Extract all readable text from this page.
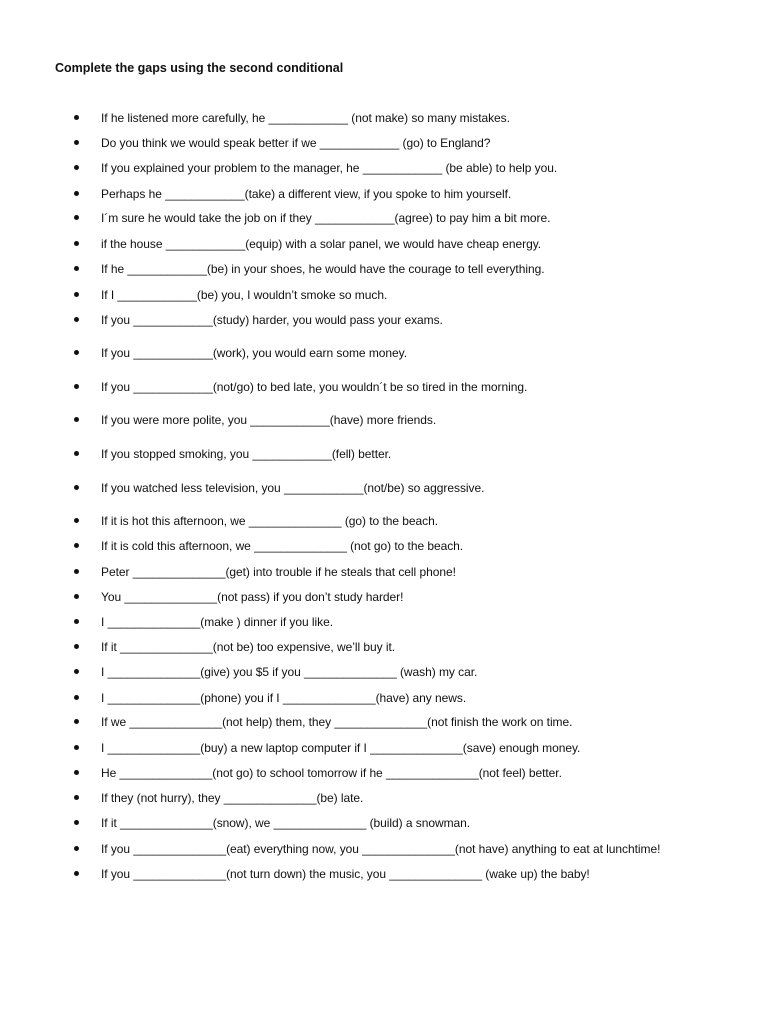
Complete the gaps using the second conditional
If he listened more carefully, he ____________ (not make) so many mistakes.
Do you think we would speak better if we ____________ (go) to England?
If you explained your problem to the manager, he ____________ (be able) to help you.
Perhaps he ____________(take) a different view, if you spoke to him yourself.
I´m sure he would take the job on if they ____________(agree) to pay him a bit more.
if the house ____________(equip) with a solar panel, we would have cheap energy.
If he ____________(be) in your shoes, he would have the courage to tell everything.
If I ____________(be) you, I wouldn’t smoke so much.
If you ____________(study) harder, you would pass your exams.
If you ____________(work), you would earn some money.
If you ____________(not/go) to bed late, you wouldn´t be so tired in the morning.
If you were more polite, you ____________(have) more friends.
If you stopped smoking, you ____________(fell) better.
If you watched less television, you ____________(not/be) so aggressive.
If it is hot this afternoon, we ______________ (go) to the beach.
If it is cold this afternoon, we ______________ (not go) to the beach.
Peter ______________(get) into trouble if he steals that cell phone!
You ______________(not pass) if you don’t study harder!
I ______________(make ) dinner if you like.
If it ______________(not be) too expensive, we’ll buy it.
I ______________(give) you $5 if you ______________ (wash) my car.
I ______________(phone) you if I ______________(have) any news.
If we ______________(not help) them, they ______________(not finish the work on time.
I ______________(buy) a new laptop computer if I ______________(save) enough money.
He ______________(not go) to school tomorrow if he ______________(not feel) better.
If they (not hurry), they ______________(be) late.
If it ______________(snow), we ______________ (build) a snowman.
If you ______________(eat) everything now, you ______________(not have) anything to eat at lunchtime!
If you ______________(not turn down) the music, you ______________ (wake up) the baby!
